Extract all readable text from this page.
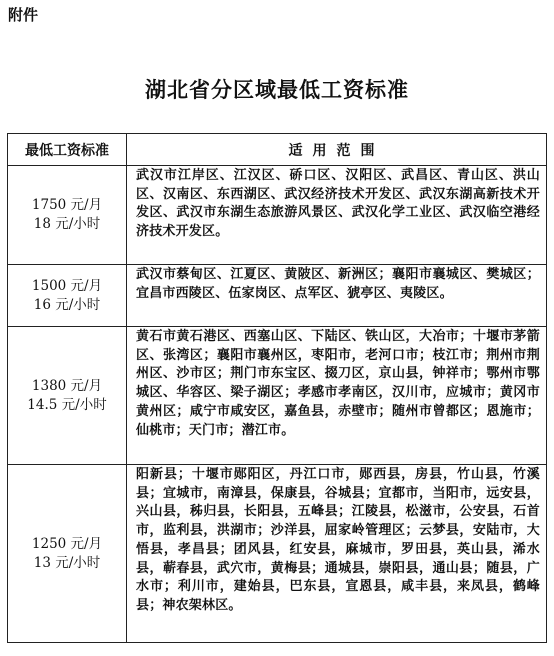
附件
湖北省分区域最低工资标准
最低工资标准	适用范围

1750 元/月
18 元/小时	武汉市江岸区、江汉区、硚口区、汉阳区、武昌区、青山区、洪山区、汉南区、东西湖区、武汉经济技术开发区、武汉东湖高新技术开发区、武汉市东湖生态旅游风景区、武汉化学工业区、武汉临空港经济技术开发区。

1500 元/月
16 元/小时	武汉市蔡甸区、江夏区、黄陂区、新洲区；襄阳市襄城区、樊城区；宜昌市西陵区、伍家岗区、点军区、猇亭区、夷陵区。

1380 元/月
14.5 元/小时	黄石市黄石港区、西塞山区、下陆区、铁山区，大冶市；十堰市茅箭区、张湾区；襄阳市襄州区，枣阳市，老河口市；枝江市；荆州市荆州区、沙市区；荆门市东宝区、掇刀区，京山县，钟祥市；鄂州市鄂城区、华容区、梁子湖区；孝感市孝南区，汉川市，应城市；黄冈市黄州区；咸宁市咸安区，嘉鱼县，赤壁市；随州市曾都区；恩施市；仙桃市；天门市；潜江市。

1250 元/月
13 元/小时	阳新县；十堰市郧阳区，丹江口市，郧西县，房县，竹山县，竹溪县；宜城市，南漳县，保康县，谷城县；宜都市，当阳市，远安县，兴山县，秭归县，长阳县，五峰县；江陵县，松滋市，公安县，石首市，监利县，洪湖市；沙洋县，屈家岭管理区；云梦县，安陆市，大悟县，孝昌县；团风县，红安县，麻城市，罗田县，英山县，浠水县，蕲春县，武穴市，黄梅县；通城县，崇阳县，通山县；随县，广水市；利川市，建始县，巴东县，宣恩县，咸丰县，来凤县，鹤峰县；神农架林区。
